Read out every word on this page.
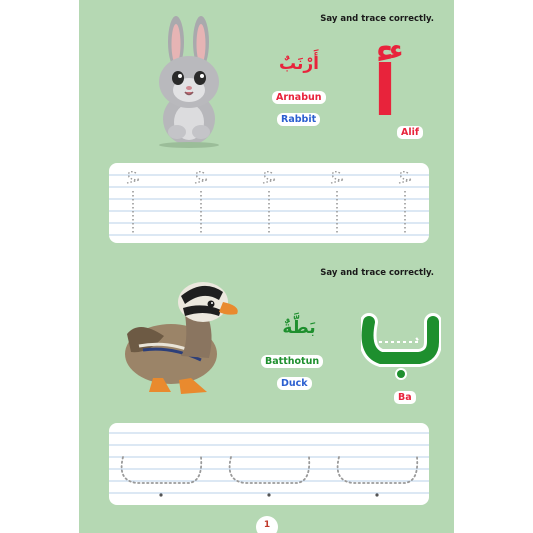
Say and trace correctly.
أَرْنَبٌ
Arnabun
Rabbit أ
ء
Alif
Say and trace correctly.
بَطَّةٌ
Batthotun
Duck
Ba
1
